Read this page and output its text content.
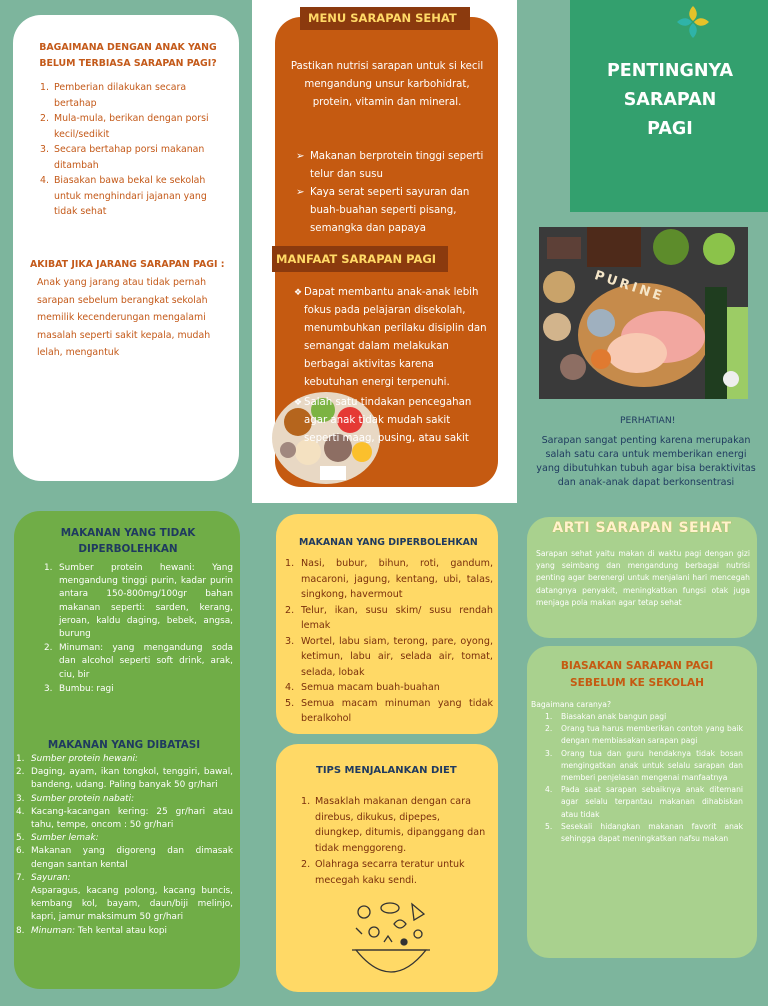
BAGAIMANA DENGAN ANAK YANG BELUM TERBIASA SARAPAN PAGI?
1. Pemberian dilakukan secara bertahap
2. Mula-mula, berikan dengan porsi kecil/sedikit
3. Secara bertahap porsi makanan ditambah
4. Biasakan bawa bekal ke sekolah untuk menghindari jajanan yang tidak sehat
AKIBAT JIKA JARANG SARAPAN PAGI :
Anak yang jarang atau tidak pernah sarapan sebelum berangkat sekolah memilik kecenderungan mengalami masalah seperti sakit kepala, mudah lelah, mengantuk
MENU SARAPAN SEHAT
Pastikan nutrisi sarapan untuk si kecil mengandung unsur karbohidrat, protein, vitamin dan mineral.
➢ Makanan berprotein tinggi seperti telur dan susu
➢ Kaya serat seperti sayuran dan buah-buahan seperti pisang, semangka dan papaya
MANFAAT SARAPAN PAGI
❖ Dapat membantu anak-anak lebih fokus pada pelajaran disekolah, menumbuhkan perilaku disiplin dan semangat dalam melakukan berbagai aktivitas karena kebutuhan energi terpenuhi.
❖ Salah satu tindakan pencegahan agar anak tidak mudah sakit seperti maag, pusing, atau sakit
PENTINGNYA
SARAPAN
PAGI
PURINE
PERHATIAN!
Sarapan sangat penting karena merupakan salah satu cara untuk memberikan energi yang dibutuhkan tubuh agar bisa beraktivitas dan anak-anak dapat berkonsentrasi
MAKANAN YANG TIDAK DIPERBOLEHKAN
1. Sumber protein hewani: Yang mengandung tinggi purin, kadar purin antara 150-800mg/100gr bahan makanan seperti: sarden, kerang, jeroan, kaldu daging, bebek, angsa, burung
2. Minuman: yang mengandung soda dan alcohol seperti soft drink, arak, ciu, bir
3. Bumbu: ragi
MAKANAN YANG DIBATASI
1. Sumber protein hewani:
2. Daging, ayam, ikan tongkol, tenggiri, bawal, bandeng, udang. Paling banyak 50 gr/hari
3. Sumber protein nabati:
4. Kacang-kacangan kering: 25 gr/hari atau tahu, tempe, oncom : 50 gr/hari
5. Sumber lemak:
6. Makanan yang digoreng dan dimasak dengan santan kental
7. Sayuran:
Asparagus, kacang polong, kacang buncis, kembang kol, bayam, daun/biji melinjo, kapri, jamur maksimum 50 gr/hari
8. Minuman: Teh kental atau kopi
MAKANAN YANG DIPERBOLEHKAN
1. Nasi, bubur, bihun, roti, gandum, macaroni, jagung, kentang, ubi, talas, singkong, havermout
2. Telur, ikan, susu skim/ susu rendah lemak
3. Wortel, labu siam, terong, pare, oyong, ketimun, labu air, selada air, tomat, selada, lobak
4. Semua macam buah-buahan
5. Semua macam minuman yang tidak beralkohol
TIPS MENJALANKAN DIET
1. Masaklah makanan dengan cara direbus, dikukus, dipepes, diungkep, ditumis, dipanggang dan tidak menggoreng.
2. Olahraga secarra teratur untuk mecegah kaku sendi.
ARTI SARAPAN SEHAT
Sarapan sehat yaitu makan di waktu pagi dengan gizi yang seimbang dan mengandung berbagai nutrisi penting agar berenergi untuk menjalani hari mencegah datangnya penyakit, meningkatkan fungsi otak juga menjaga pola makan agar tetap sehat
BIASAKAN SARAPAN PAGI SEBELUM KE SEKOLAH
Bagaimana caranya?
1.	Biasakan anak bangun pagi
2.	Orang tua harus memberikan contoh yang baik dengan membiasakan sarapan pagi
3.	Orang tua dan guru hendaknya tidak bosan mengingatkan anak untuk selalu sarapan dan memberi penjelasan mengenai manfaatnya
4.	Pada saat sarapan sebaiknya anak ditemani agar selalu terpantau makanan dihabiskan atau tidak
5.	Sesekali hidangkan makanan favorit anak sehingga dapat meningkatkan nafsu makan
